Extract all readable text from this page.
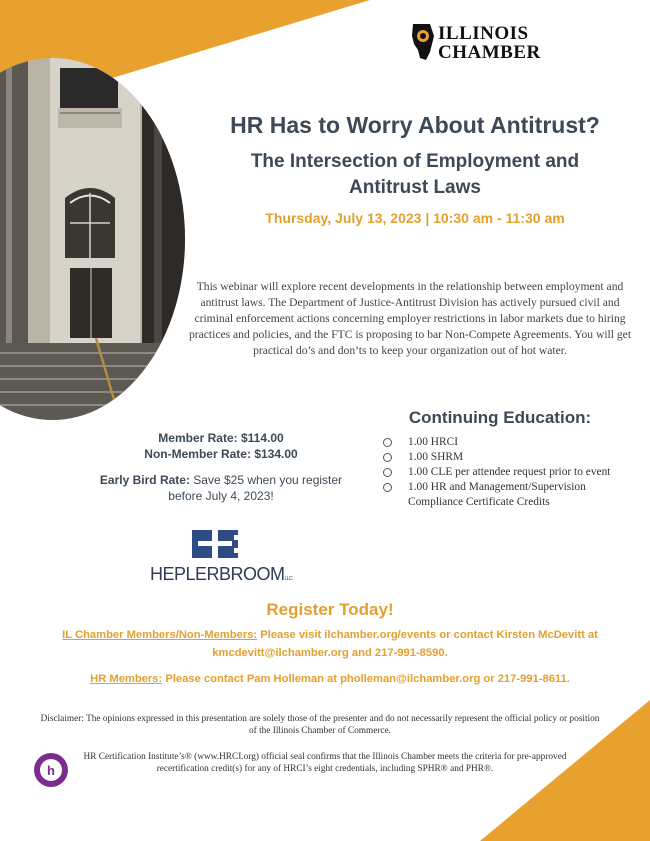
ILLINOIS
CHAMBER
HR Has to Worry About Antitrust?
The Intersection of Employment and
Antitrust Laws
Thursday, July 13, 2023 | 10:30 am - 11:30 am
This webinar will explore recent developments in the relationship between employment and antitrust laws. The Department of Justice-Antitrust Division has actively pursued civil and criminal enforcement actions concerning employer restrictions in labor markets due to hiring practices and policies, and the FTC is proposing to bar Non-Compete Agreements. You will get practical do’s and don’ts to keep your organization out of hot water.
Member Rate: $114.00
Non-Member Rate: $134.00
Early Bird Rate: Save $25 when you register before July 4, 2023!
Continuing Education:
1.00 HRCI
1.00 SHRM
1.00 CLE per attendee request prior to event
1.00 HR and Management/Supervision Compliance Certificate Credits
HEPLERBROOMLLC
Register Today!
IL Chamber Members/Non-Members: Please visit ilchamber.org/events or contact Kirsten McDevitt at kmcdevitt@ilchamber.org and 217-991-8590.
HR Members: Please contact Pam Holleman at pholleman@ilchamber.org or 217-991-8611.
Disclaimer: The opinions expressed in this presentation are solely those of the presenter and do not necessarily represent the official policy or position of the Illinois Chamber of Commerce.
h
HR Certification Institute’s® (www.HRCI.org) official seal confirms that the Illinois Chamber meets the criteria for pre-approved recertification credit(s) for any of HRCI’s eight credentials, including SPHR® and PHR®.
